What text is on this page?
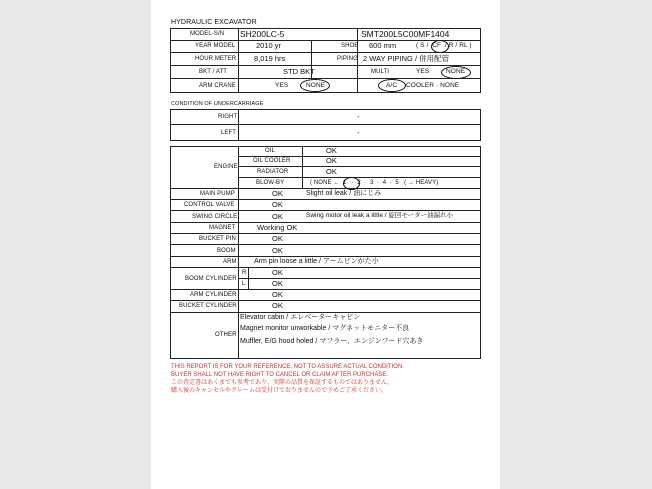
HYDRAULIC EXCAVATOR
MODEL-S/N SH200LC-5	SMT200L5C00MF1404
YEAR MODEL	2010 yr	SHOE 600 mm	( S /  CF  / R / RL )
HOUR METER 8,019 hrs	PIPING 2 WAY PIPING / 併用配管
BKT / ATT	STD BKT	MULTI	YES	NONE
ARM CRANE	YES	NONE	A/C COOLER · NONE
CONDITION OF UNDERCARRIAGE
RIGHT	-
LEFT	-
ENGINE
OIL	OK
OIL COOLER	OK
RADIATOR	OK
BLOW-BY	( NONE ← 1 · 2 · 3 · 4 · 5 ( → HEAVY)
MAIN PUMP	OK	Slight oil leak / 油にじみ
CONTROL VALVE	OK
SWING CIRCLE	OK	Swing motor oil leak a little / 旋回モーター油漏れ小
MAGNET	Working OK
BUCKET PIN	OK
BOOM	OK
ARM Arm pin loose a little / アームピンがた小
BOOM CYLINDER
R	OK
L	OK
ARM CYLINDER	OK
BUCKET CYLINDER	OK
OTHER
Elevator cabin / エレベーターキャビン
Magnet monitor unworkable / マグネットモニター不良
Muffler, E/G hood holed / マフラー、エンジンフード穴あき
THIS REPORT IS FOR YOUR REFERENCE, NOT TO ASSURE ACTUAL CONDITION.
BUYER SHALL NOT HAVE RIGHT TO CANCEL OR CLAIM AFTER PURCHASE.
この査定書はあくまでも参考であり、実際の品質を保証するものではありません。
購入後のキャンセルやクレームは受付けておりませんので予めご了承ください。
